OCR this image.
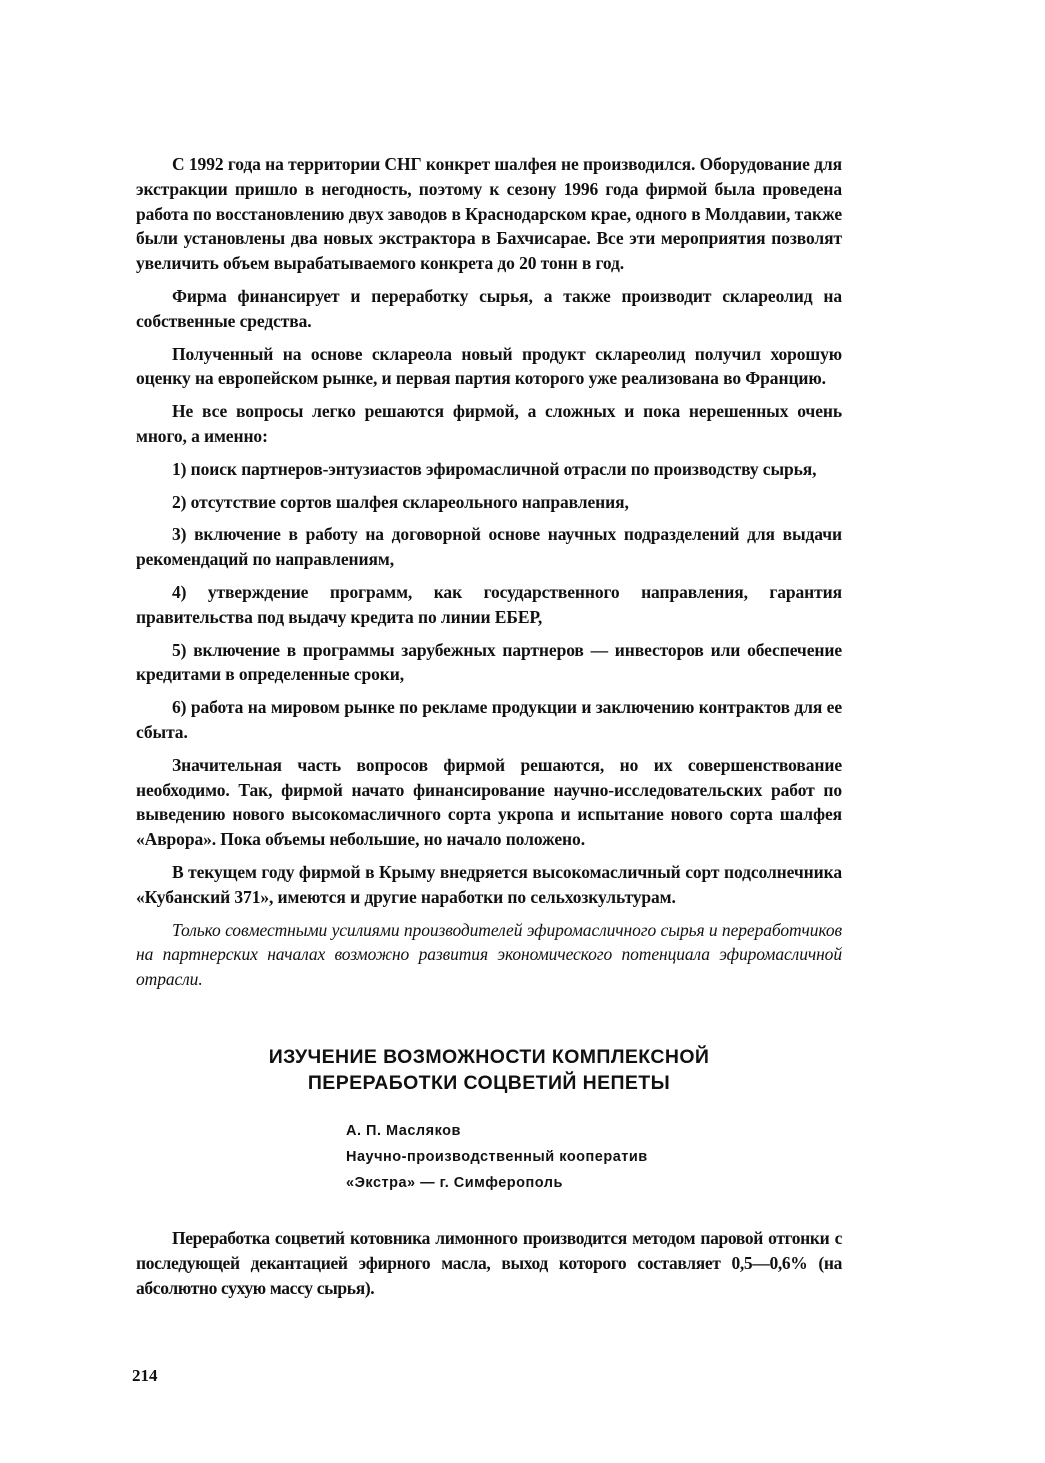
С 1992 года на территории СНГ конкрет шалфея не производился. Оборудование для экстракции пришло в негодность, поэтому к сезону 1996 года фирмой была проведена работа по восстановлению двух заводов в Краснодарском крае, одного в Молдавии, также были установлены два новых экстрактора в Бахчисарае. Все эти мероприятия позволят увеличить объем вырабатываемого конкрета до 20 тонн в год.

Фирма финансирует и переработку сырья, а также производит склареолид на собственные средства.

Полученный на основе склареола новый продукт склареолид получил хорошую оценку на европейском рынке, и первая партия которого уже реализована во Францию.

Не все вопросы легко решаются фирмой, а сложных и пока нерешенных очень много, а именно:

1) поиск партнеров-энтузиастов эфиромасличной отрасли по производству сырья,

2) отсутствие сортов шалфея склареольного направления,

3) включение в работу на договорной основе научных подразделений для выдачи рекомендаций по направлениям,

4) утверждение программ, как государственного направления, гарантия правительства под выдачу кредита по линии ЕБЕР,

5) включение в программы зарубежных партнеров — инвесторов или обеспечение кредитами в определенные сроки,

6) работа на мировом рынке по рекламе продукции и заключению контрактов для ее сбыта.

Значительная часть вопросов фирмой решаются, но их совершенствование необходимо. Так, фирмой начато финансирование научно-исследовательских работ по выведению нового высокомасличного сорта укропа и испытание нового сорта шалфея «Аврора». Пока объемы небольшие, но начало положено.

В текущем году фирмой в Крыму внедряется высокомасличный сорт подсолнечника «Кубанский 371», имеются и другие наработки по сельхозкультурам.

Только совместными усилиями производителей эфиромасличного сырья и переработчиков на партнерских началах возможно развития экономического потенциала эфиромасличной отрасли.

ИЗУЧЕНИЕ ВОЗМОЖНОСТИ КОМПЛЕКСНОЙ
ПЕРЕРАБОТКИ СОЦВЕТИЙ НЕПЕТЫ
А. П. Масляков
Научно-производственный кооператив
«Экстра» — г. Симферополь

Переработка соцветий котовника лимонного производится методом паровой отгонки с последующей декантацией эфирного масла, выход которого составляет 0,5—0,6% (на абсолютно сухую массу сырья).

214
